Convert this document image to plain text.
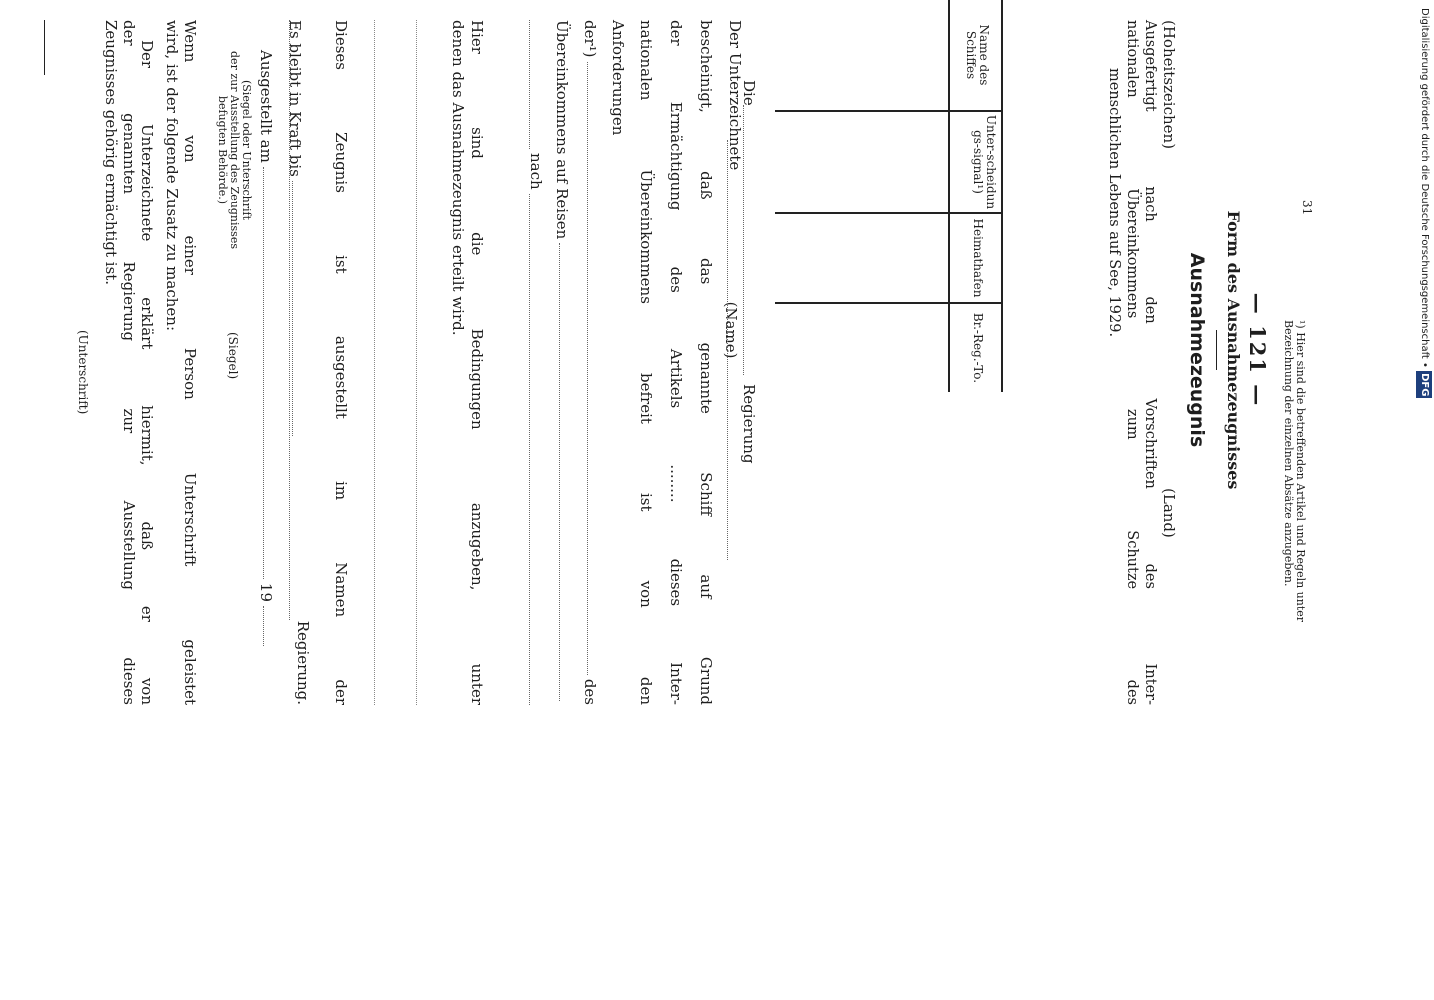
— 121 —
Form des Ausnahmezeugnisses
Ausnahmezeugnis
(Hoheitszeichen)
(Land)
Ausgefertigt nach den Vorschriften des Inter-
nationalen Übereinkommens zum Schutze des
menschlichen Lebens auf See, 1929.
Name des Schiffes
Unter-scheidungs-signal¹)
Heimathafen
Br.-Reg.-To.
Die
Regierung
(Name)
Der Unterzeichnete
bescheinigt, daß das genannte Schiff auf Grund
der Ermächtigung des Artikels ........ dieses Inter-
nationalen Übereinkommens befreit ist von den
Anforderungen
der¹)
des
Übereinkommens auf Reisen
nach
Hier sind die Bedingungen anzugeben, unter
denen das Ausnahmezeugnis erteilt wird.
Dieses Zeugnis ist ausgestellt im Namen der
Regierung.
Es bleibt in Kraft bis
Ausgestellt am
19
(Siegel oder Unterschrift
der zur Ausstellung des Zeugnisses
befugten Behörde.)
(Siegel)
Wenn von einer Person Unterschrift geleistet
wird, ist der folgende Zusatz zu machen:
Der Unterzeichnete erklärt hiermit, daß er von
der genannten Regierung zur Ausstellung dieses
Zeugnisses gehörig ermächtigt ist.
(Unterschrift)	¹) Hier sind die betreffenden Artikel und Regeln unter
Bezeichnung der einzelnen Absätze anzugeben.
31	Digitalisierung gefördert durch die Deutsche Forschungsgemeinschaft • DFG
